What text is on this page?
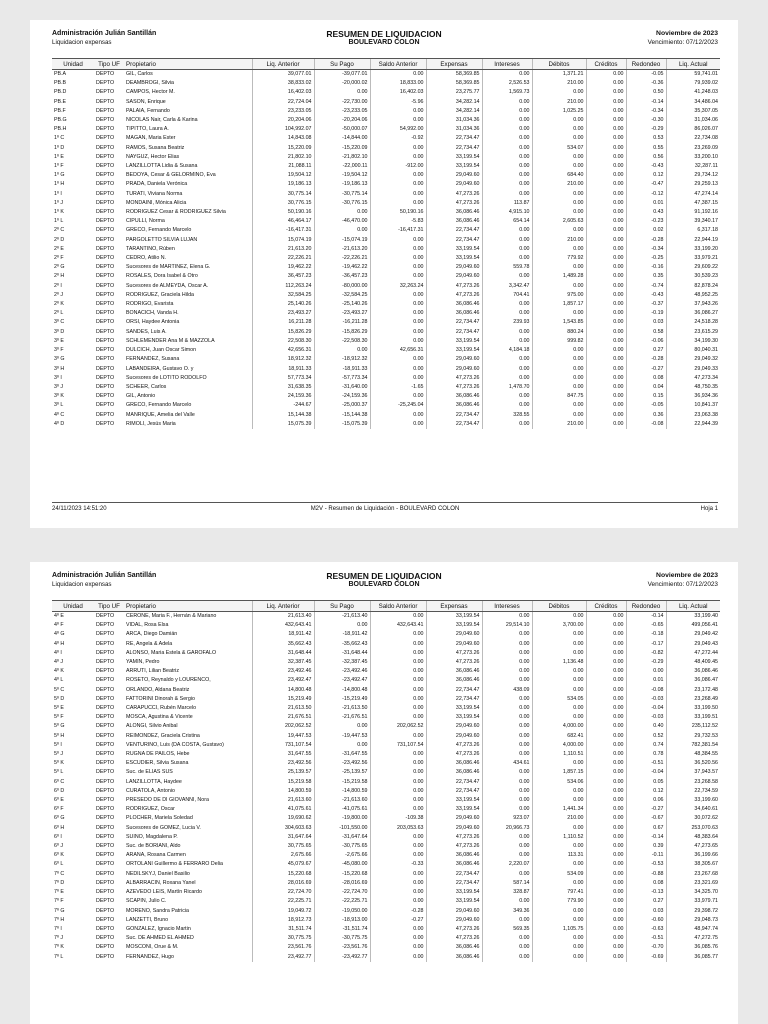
Administración Julián Santillán
Liquidacion expensas
RESUMEN DE LIQUIDACION
BOULEVARD COLON
Noviembre de 2023
Vencimiento: 07/12/2023
Unidad	Tipo UF	Propietario	Liq. Anterior	Su Pago	Saldo Anterior	Expensas	Intereses	Débitos	Créditos	Redondeo	Liq. Actual
PB.A	DEPTO	GIL, Carlos	39,077.01	-39,077.01	0.00	58,369.85	0.00	1,371.21	0.00	-0.05	59,741.01
PB.B	DEPTO	DEAMBROGI, Silvia	38,833.02	-20,000.02	18,833.00	58,369.85	2,526.53	210.00	0.00	-0.36	79,939.02
PB.D	DEPTO	CAMPOS, Hector M.	16,402.03	0.00	16,402.03	23,275.77	1,569.73	0.00	0.00	0.50	41,248.03
PB.E	DEPTO	SASON, Enrique	22,724.04	-22,730.00	-5.96	34,282.14	0.00	210.00	0.00	-0.14	34,486.04
PB.F	DEPTO	PALAIA, Fernando	23,233.05	-23,233.05	0.00	34,282.14	0.00	1,025.25	0.00	-0.34	35,307.05
PB.G	DEPTO	NICOLAS Nair, Carla & Karina	20,204.06	-20,204.06	0.00	31,034.36	0.00	0.00	0.00	-0.30	31,034.06
PB.H	DEPTO	TIPITTO, Laura A.	104,992.07	-50,000.07	54,992.00	31,034.36	0.00	0.00	0.00	-0.29	86,026.07
1º C	DEPTO	MAGAN, Maria Ester	14,843.08	-14,844.00	-0.92	22,734.47	0.00	0.00	0.00	0.53	22,734.08
1º D	DEPTO	RAMOS, Susana Beatriz	15,220.09	-15,220.09	0.00	22,734.47	0.00	534.07	0.00	0.55	23,269.09
1º E	DEPTO	NAYGUZ, Hector Elias	21,802.10	-21,802.10	0.00	33,199.54	0.00	0.00	0.00	0.56	33,200.10
1º F	DEPTO	LANZILLOTTA Lidia & Susana	21,088.11	-22,000.11	-912.00	33,199.54	0.00	0.00	0.00	-0.43	32,287.11
1º G	DEPTO	BEDOYA, Cesar & GELORMINO, Eva	19,504.12	-19,504.12	0.00	29,049.60	0.00	684.40	0.00	0.12	29,734.12
1º H	DEPTO	PRADA, Daniela Verónica	19,186.13	-19,186.13	0.00	29,049.60	0.00	210.00	0.00	-0.47	29,259.13
1º I	DEPTO	TURATI, Viviana Norma	30,775.14	-30,775.14	0.00	47,273.26	0.00	0.00	0.00	-0.12	47,274.14
1º J	DEPTO	MONDAINI, Mónica Alicia	30,776.15	-30,776.15	0.00	47,273.26	113.87	0.00	0.00	0.01	47,387.15
1º K	DEPTO	RODRIGUEZ Cesar & RODRIGUEZ Silvia	50,190.16	0.00	50,190.16	36,086.46	4,915.10	0.00	0.00	0.43	91,192.16
1º L	DEPTO	CIPULLI, Norma	46,464.17	-46,470.00	-5.83	36,086.46	654.14	2,605.63	0.00	-0.23	39,340.17
2º C	DEPTO	GRECO, Fernando Marcelo	-16,417.31	0.00	-16,417.31	22,734.47	0.00	0.00	0.00	0.02	6,317.18
2º D	DEPTO	PARGOLETTO SILVIA LUJAN	15,074.19	-15,074.19	0.00	22,734.47	0.00	210.00	0.00	-0.28	22,944.19
2º E	DEPTO	TARANTINO, Rúben	21,613.20	-21,613.20	0.00	33,199.54	0.00	0.00	0.00	-0.34	33,199.20
2º F	DEPTO	CEDRO, Atilio N.	22,226.21	-22,226.21	0.00	33,199.54	0.00	779.92	0.00	-0.25	33,979.21
2º G	DEPTO	Sucesores de MARTINEZ, Elena G.	19,462.22	-19,462.22	0.00	29,049.60	559.78	0.00	0.00	-0.16	29,609.22
2º H	DEPTO	ROSALES, Dora Isabel & Otro	36,457.23	-36,457.23	0.00	29,049.60	0.00	1,489.28	0.00	0.35	30,539.23
2º I	DEPTO	Sucesores de ALMEYDA, Oscar A.	112,263.24	-80,000.00	32,263.24	47,273.26	3,342.47	0.00	0.00	-0.74	82,878.24
2º J	DEPTO	RODRIGUEZ, Graciela Hilda	32,584.25	-32,584.25	0.00	47,273.26	704.41	975.00	0.00	-0.43	48,952.25
2º K	DEPTO	RODRIGO, Evarista	25,140.26	-25,140.26	0.00	36,086.46	0.00	1,857.17	0.00	-0.37	37,943.26
2º L	DEPTO	BONACICH, Vanda H.	23,493.27	-23,493.27	0.00	36,086.46	0.00	0.00	0.00	-0.19	36,086.27
3º C	DEPTO	ORSI, Haydee Antonia	16,211.28	-16,211.28	0.00	22,734.47	239.93	1,543.85	0.00	0.03	24,518.28
3º D	DEPTO	SANDES, Luis A.	15,826.29	-15,826.29	0.00	22,734.47	0.00	880.24	0.00	0.58	23,615.29
3º E	DEPTO	SCHLEMENDER Ana M & MAZZOLA	22,508.30	-22,508.30	0.00	33,199.54	0.00	999.82	0.00	-0.06	34,199.30
3º F	DEPTO	DULCICH, Juan Oscar Simon	42,656.31	0.00	42,656.31	33,199.54	4,184.18	0.00	0.00	0.27	80,040.31
3º G	DEPTO	FERNANDEZ, Susana	18,912.32	-18,912.32	0.00	29,049.60	0.00	0.00	0.00	-0.28	29,049.32
3º H	DEPTO	LABANDEIRA, Gustavo O. y	18,911.33	-18,911.33	0.00	29,049.60	0.00	0.00	0.00	-0.27	29,049.33
3º I	DEPTO	Sucesores de LOTITO RODOLFO	57,773.34	-57,773.34	0.00	47,273.26	0.00	0.00	0.00	0.08	47,273.34
3º J	DEPTO	SCHEER, Carlos	31,638.35	-31,640.00	-1.65	47,273.26	1,478.70	0.00	0.00	0.04	48,750.35
3º K	DEPTO	GIL, Antonio	24,159.36	-24,159.36	0.00	36,086.46	0.00	847.75	0.00	0.15	36,934.36
3º L	DEPTO	GRECO, Fernando Marcelo	-244.67	-25,000.37	-25,245.04	36,086.46	0.00	0.00	0.00	-0.05	10,841.37
4º C	DEPTO	MANRIQUE, Amelia del Valle	15,144.38	-15,144.38	0.00	22,734.47	328.55	0.00	0.00	0.36	23,063.38
4º D	DEPTO	RIMOLI, Jesús Maria	15,075.39	-15,075.39	0.00	22,734.47	0.00	210.00	0.00	-0.08	22,944.39
24/11/2023 14:51:20	M2V - Resumen de Liquidación - BOULEVARD COLON	Hoja 1
Administración Julián Santillán
Liquidacion expensas
RESUMEN DE LIQUIDACION
BOULEVARD COLON
Noviembre de 2023
Vencimiento: 07/12/2023
Unidad	Tipo UF	Propietario	Liq. Anterior	Su Pago	Saldo Anterior	Expensas	Intereses	Débitos	Créditos	Redondeo	Liq. Actual
4º E	DEPTO	CERONE, Maria F., Hernán & Mariano	21,613.40	-21,613.40	0.00	33,199.54	0.00	0.00	0.00	-0.14	33,199.40
4º F	DEPTO	VIDAL, Rosa Elsa	432,643.41	0.00	432,643.41	33,199.54	29,514.10	3,700.00	0.00	-0.65	499,056.41
4º G	DEPTO	ARCA, Diego Damián	18,911.42	-18,911.42	0.00	29,049.60	0.00	0.00	0.00	-0.18	29,049.42
4º H	DEPTO	RE, Angela & Adela	35,662.43	-35,662.43	0.00	29,049.60	0.00	0.00	0.00	-0.17	29,049.43
4º I	DEPTO	ALONSO, Maria Estela & GAROFALO	31,648.44	-31,648.44	0.00	47,273.26	0.00	0.00	0.00	-0.82	47,272.44
4º J	DEPTO	YAMIN, Pedro	32,387.45	-32,387.45	0.00	47,273.26	0.00	1,136.48	0.00	-0.29	48,409.45
4º K	DEPTO	ARRUTI, Lilian Beatriz	23,492.46	-23,492.46	0.00	36,086.46	0.00	0.00	0.00	0.00	36,086.46
4º L	DEPTO	ROSETO, Reynaldo y LOURENCO,	23,492.47	-23,492.47	0.00	36,086.46	0.00	0.00	0.00	0.01	36,086.47
5º C	DEPTO	ORLANDO, Aldana Beatriz	14,800.48	-14,800.48	0.00	22,734.47	438.09	0.00	0.00	-0.08	23,172.48
5º D	DEPTO	FATTORINI Dinorah & Sergio	15,219.49	-15,219.49	0.00	22,734.47	0.00	534.05	0.00	-0.03	23,268.49
5º E	DEPTO	CARAPUCCI, Rubén Marcelo	21,613.50	-21,613.50	0.00	33,199.54	0.00	0.00	0.00	-0.04	33,199.50
5º F	DEPTO	MOSCA, Agustina & Vicente	21,676.51	-21,676.51	0.00	33,199.54	0.00	0.00	0.00	-0.03	33,199.51
5º G	DEPTO	ALONGI, Silvio Anibal	202,062.52	0.00	202,062.52	29,049.60	0.00	4,000.00	0.00	0.40	235,112.52
5º H	DEPTO	REIMONDEZ, Graciela Cristina	19,447.53	-19,447.53	0.00	29,049.60	0.00	682.41	0.00	0.52	29,732.53
5º I	DEPTO	VENTURINO, Luis (DA COSTA, Gustavo)	731,107.54	0.00	731,107.54	47,273.26	0.00	4,000.00	0.00	0.74	782,381.54
5º J	DEPTO	RUGNA DE PAILOS, Hebe	31,647.55	-31,647.55	0.00	47,273.26	0.00	1,110.51	0.00	0.78	48,384.55
5º K	DEPTO	ESCUDIER, Silvia Susana	23,492.56	-23,492.56	0.00	36,086.46	434.61	0.00	0.00	-0.51	36,520.56
5º L	DEPTO	Suc. de ELIAS SUS	25,139.57	-25,139.57	0.00	36,086.46	0.00	1,857.15	0.00	-0.04	37,943.57
6º C	DEPTO	LANZILLOTTA, Haydee	15,219.58	-15,219.58	0.00	22,734.47	0.00	534.06	0.00	0.05	23,268.58
6º D	DEPTO	CURATOLA, Antonio	14,800.59	-14,800.59	0.00	22,734.47	0.00	0.00	0.00	0.12	22,734.59
6º E	DEPTO	PRESEDO DE DI GIOVANNI, Nora	21,613.60	-21,613.60	0.00	33,199.54	0.00	0.00	0.00	0.06	33,199.60
6º F	DEPTO	RODRIGUEZ, Oscar	41,075.61	-41,075.61	0.00	33,199.54	0.00	1,441.34	0.00	-0.27	34,640.61
6º G	DEPTO	PLOCHER, Mariela Soledad	19,690.62	-19,800.00	-109.38	29,049.60	923.07	210.00	0.00	-0.67	30,072.62
6º H	DEPTO	Sucesores de GOMEZ, Lucia V.	304,603.63	-101,550.00	203,053.63	29,049.60	20,966.73	0.00	0.00	0.67	253,070.63
6º I	DEPTO	SUINO, Magdalena P.	31,647.64	-31,647.64	0.00	47,273.26	0.00	1,110.52	0.00	-0.14	48,383.64
6º J	DEPTO	Suc. de BORIANI, Aldo	30,775.65	-30,775.65	0.00	47,273.26	0.00	0.00	0.00	0.39	47,273.65
6º K	DEPTO	ARANA, Rosana Carmen	2,675.66	-2,675.66	0.00	36,086.46	0.00	113.31	0.00	-0.11	36,199.66
6º L	DEPTO	ORTOLANI Guillermo & FERRARO Delia	45,079.67	-45,080.00	-0.33	36,086.46	2,220.07	0.00	0.00	-0.53	38,305.67
7º C	DEPTO	NEDILSKYJ, Daniel Basilio	15,220.68	-15,220.68	0.00	22,734.47	0.00	534.09	0.00	-0.88	23,267.68
7º D	DEPTO	ALBARRACIN, Roxana Yanel	28,016.69	-28,016.69	0.00	22,734.47	587.14	0.00	0.00	0.08	23,321.69
7º E	DEPTO	AZEVEDO LEIS, Martín Ricardo	22,724.70	-22,724.70	0.00	33,199.54	328.87	797.41	0.00	-0.13	34,325.70
7º F	DEPTO	SCAPIN, Julio C.	22,225.71	-22,225.71	0.00	33,199.54	0.00	779.90	0.00	0.27	33,979.71
7º G	DEPTO	MORENO, Sandra Patricia	19,049.72	-19,050.00	-0.28	29,049.60	349.36	0.00	0.00	0.03	29,398.72
7º H	DEPTO	LANZETTI, Bruno	18,912.73	-18,913.00	-0.27	29,049.60	0.00	0.00	0.00	-0.60	29,048.73
7º I	DEPTO	GONZALEZ, Ignacio Martin	31,511.74	-31,511.74	0.00	47,273.26	569.35	1,105.75	0.00	-0.63	48,947.74
7º J	DEPTO	Suc. DE AHMED EL AHMED	30,775.75	-30,775.75	0.00	47,273.26	0.00	0.00	0.00	-0.51	47,272.75
7º K	DEPTO	MOSCONI, Orue & M.	23,561.76	-23,561.76	0.00	36,086.46	0.00	0.00	0.00	-0.70	36,085.76
7º L	DEPTO	FERNANDEZ, Hugo	23,492.77	-23,492.77	0.00	36,086.46	0.00	0.00	0.00	-0.69	36,085.77
